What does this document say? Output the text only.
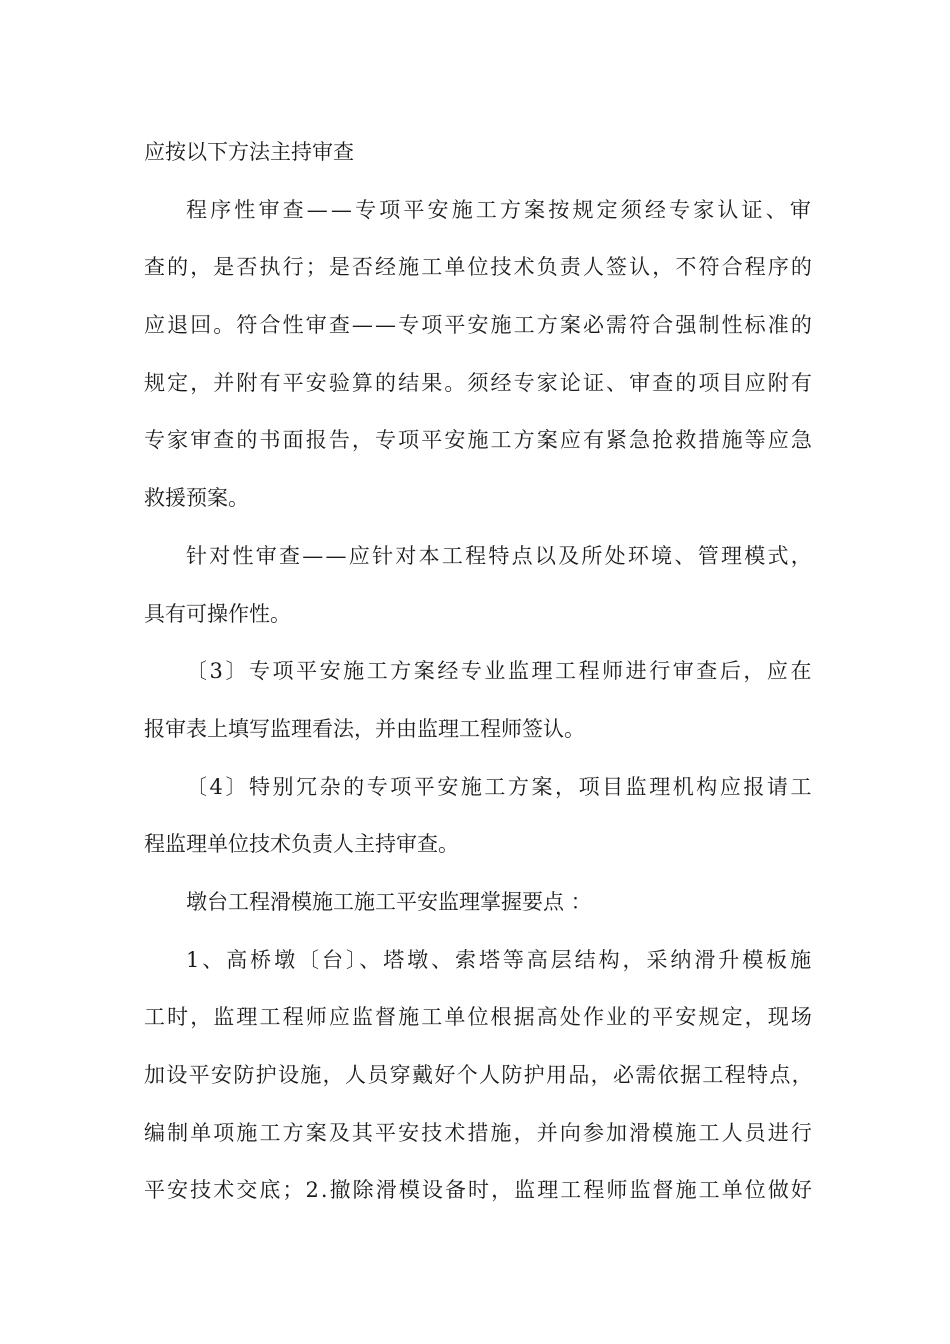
应按以下方法主持审查
程序性审查——专项平安施工方案按规定须经专家认证、审
查的，是否执行；是否经施工单位技术负责人签认，不符合程序的
应退回。符合性审查——专项平安施工方案必需符合强制性标准的
规定，并附有平安验算的结果。须经专家论证、审查的项目应附有
专家审查的书面报告，专项平安施工方案应有紧急抢救措施等应急
救援预案。
针对性审查——应针对本工程特点以及所处环境、管理模式，
具有可操作性。
〔3〕专项平安施工方案经专业监理工程师进行审查后，应在
报审表上填写监理看法，并由监理工程师签认。
〔4〕特别冗杂的专项平安施工方案，项目监理机构应报请工
程监理单位技术负责人主持审查。
墩台工程滑模施工施工平安监理掌握要点 ：
1、高桥墩〔台〕、塔墩、索塔等高层结构，采纳滑升模板施
工时，监理工程师应监督施工单位根据高处作业的平安规定，现场
加设平安防护设施，人员穿戴好个人防护用品，必需依据工程特点，
编制单项施工方案及其平安技术措施，并向参加滑模施工人员进行
平安技术交底；2.撤除滑模设备时，监理工程师监督施工单位做好
